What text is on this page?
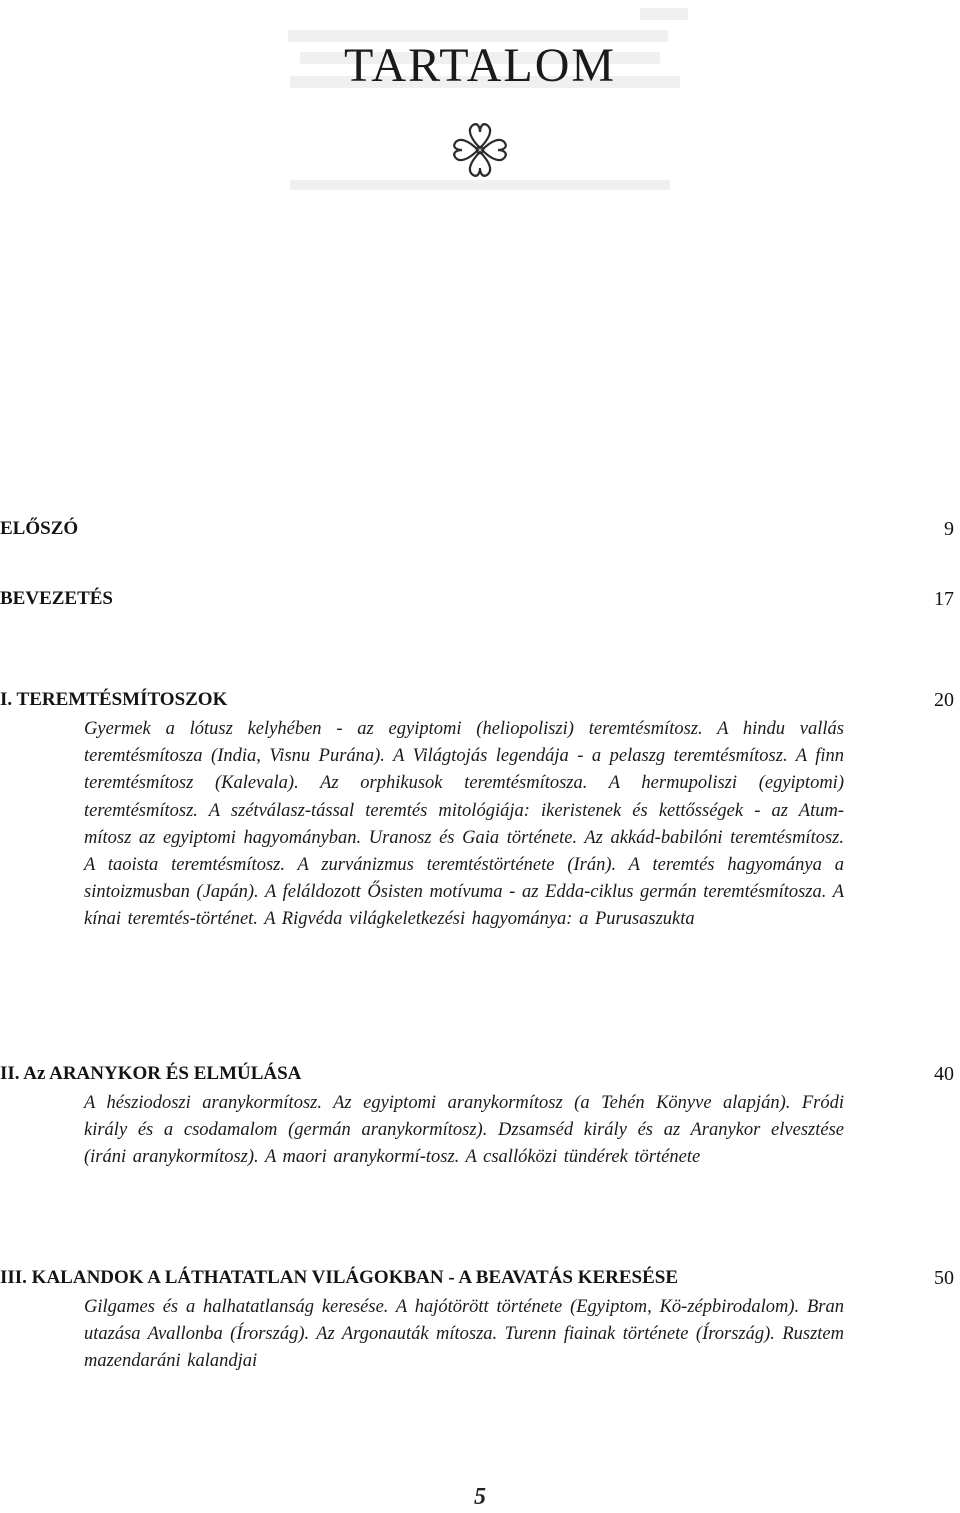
TARTALOM
ELŐSZÓ	9
BEVEZETÉS	17
I. TEREMTÉSMÍTOSZOK	20

Gyermek a lótusz kelyhében - az egyiptomi (heliopoliszi) teremtésmítosz. A hindu vallás teremtésmítosza (India, Visnu Purána). A Világtojás legendája - a pelaszg teremtésmítosz. A finn teremtésmítosz (Kalevala). Az orphikusok teremtésmítosza. A hermupoliszi (egyiptomi) teremtésmítosz. A szétválasz-tással teremtés mitológiája: ikeristenek és kettősségek - az Atum-mítosz az egyiptomi hagyományban. Uranosz és Gaia története. Az akkád-babilóni teremtésmítosz. A taoista teremtésmítosz. A zurvánizmus teremtéstörténete (Irán). A teremtés hagyománya a sintoizmusban (Japán). A feláldozott Ősisten motívuma - az Edda-ciklus germán teremtésmítosza. A kínai teremtés-történet. A Rigvéda világkeletkezési hagyománya: a Purusaszukta

II. Az ARANYKOR ÉS ELMÚLÁSA	40

A hésziodoszi aranykormítosz. Az egyiptomi aranykormítosz (a Tehén Könyve alapján). Fródi király és a csodamalom (germán aranykormítosz). Dzsamséd király és az Aranykor elvesztése (iráni aranykormítosz). A maori aranykormí-tosz. A csallóközi tündérek története

III. KALANDOK A LÁTHATATLAN VILÁGOKBAN - A BEAVATÁS KERESÉSE	50

Gilgames és a halhatatlanság keresése. A hajótörött története (Egyiptom, Kö-zépbirodalom). Bran utazása Avallonba (Írország). Az Argonauták mítosza. Turenn fiainak története (Írország). Rusztem mazendaráni kalandjai

5
